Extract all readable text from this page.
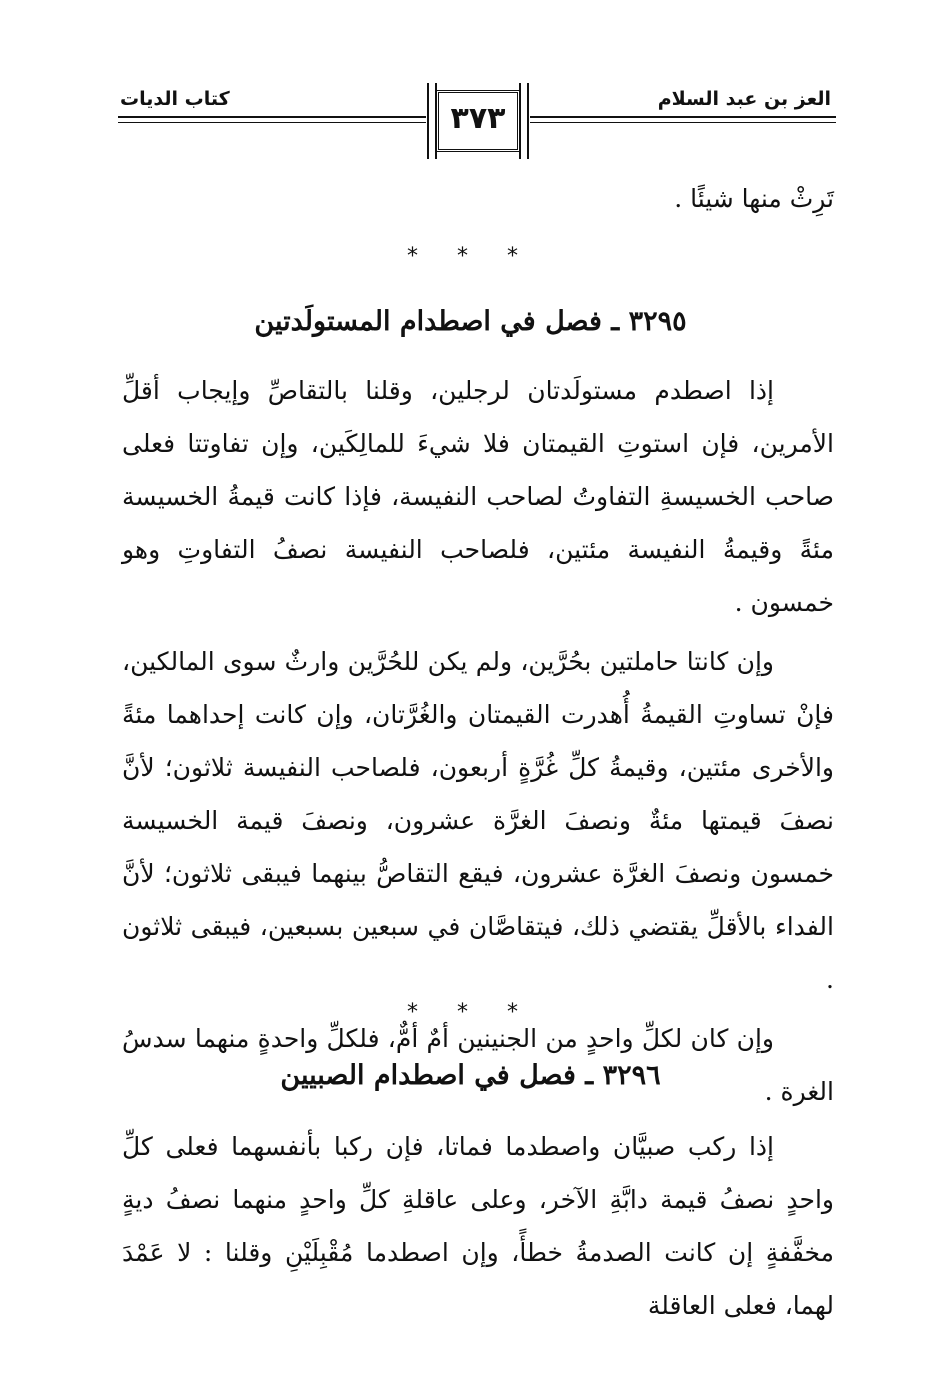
العز بن عبد السلام
كتاب الديات
٣٧٣

تَرِثْ منها شيئًا .

* * *
٣٢٩٥ ـ فصل في اصطدام المستولَدتين

إذا اصطدم مستولَدتان لرجلين، وقلنا بالتقاصِّ وإيجاب أقلِّ الأمرين، فإن استوتِ القيمتان فلا شيءَ للمالِكَين، وإن تفاوتتا فعلى صاحب الخسيسةِ التفاوتُ لصاحب النفيسة، فإذا كانت قيمةُ الخسيسة مئةً وقيمةُ النفيسة مئتين، فلصاحب النفيسة نصفُ التفاوتِ وهو خمسون .

وإن كانتا حاملتين بحُرَّين، ولم يكن للحُرَّين وارثٌ سوى المالكين، فإنْ تساوتِ القيمةُ أُهدرت القيمتان والغُرَّتان، وإن كانت إحداهما مئةً والأخرى مئتين، وقيمةُ كلِّ غُرَّةٍ أربعون، فلصاحب النفيسة ثلاثون؛ لأنَّ نصفَ قيمتها مئةٌ ونصفَ الغرَّة عشرون، ونصفَ قيمة الخسيسة خمسون ونصفَ الغرَّة عشرون، فيقع التقاصُّ بينهما فيبقى ثلاثون؛ لأنَّ الفداء بالأقلِّ يقتضي ذلك، فيتقاصَّان في سبعين بسبعين، فيبقى ثلاثون .

وإن كان لكلِّ واحدٍ من الجنينين أمٌ أمٌّ، فلكلِّ واحدةٍ منهما سدسُ الغرة .

* * *
٣٢٩٦ ـ فصل في اصطدام الصبيين

إذا ركب صبيَّان واصطدما فماتا، فإن ركبا بأنفسهما فعلى كلِّ واحدٍ نصفُ قيمة دابَّةِ الآخر، وعلى عاقلةِ كلِّ واحدٍ منهما نصفُ ديةٍ مخفَّفةٍ إن كانت الصدمةُ خطأً، وإن اصطدما مُقْبِلَيْنِ وقلنا : لا عَمْدَ لهما، فعلى العاقلة
